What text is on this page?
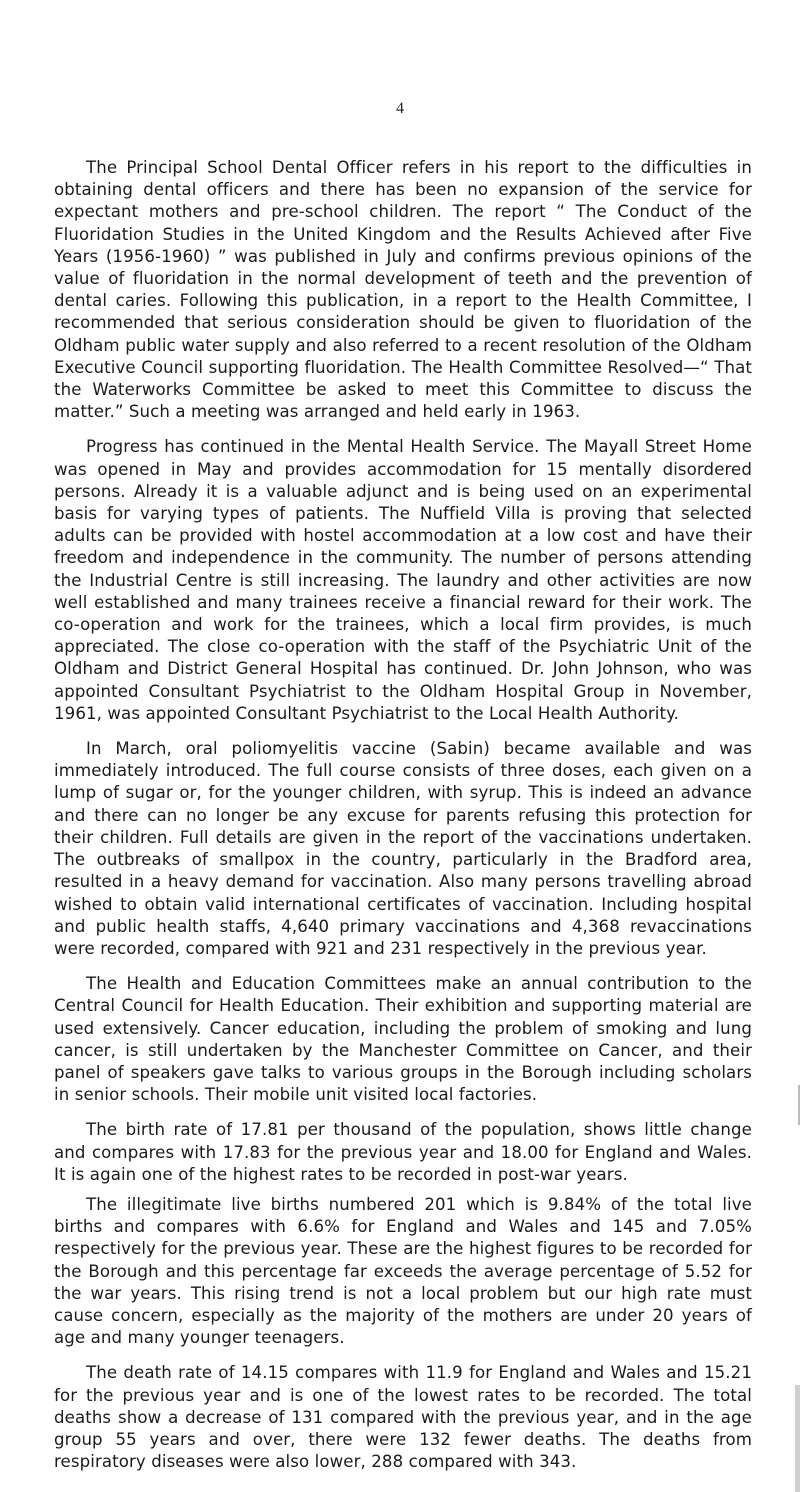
4

The Principal School Dental Officer refers in his report to the difficulties in obtaining dental officers and there has been no expansion of the service for expectant mothers and pre-school children. The report “ The Conduct of the Fluoridation Studies in the United Kingdom and the Results Achieved after Five Years (1956-1960) ” was published in July and confirms previous opinions of the value of fluoridation in the normal development of teeth and the prevention of dental caries. Following this publication, in a report to the Health Committee, I recommended that serious consideration should be given to fluoridation of the Oldham public water supply and also referred to a recent resolution of the Oldham Executive Council supporting fluoridation. The Health Committee Resolved—“ That the Waterworks Committee be asked to meet this Committee to discuss the matter.” Such a meeting was arranged and held early in 1963.

Progress has continued in the Mental Health Service. The Mayall Street Home was opened in May and provides accommodation for 15 mentally disordered persons. Already it is a valuable adjunct and is being used on an experimental basis for varying types of patients. The Nuffield Villa is proving that selected adults can be provided with hostel accommodation at a low cost and have their freedom and independence in the community. The number of persons attending the Industrial Centre is still increasing. The laundry and other activities are now well established and many trainees receive a financial reward for their work. The co-operation and work for the trainees, which a local firm provides, is much appreciated. The close co-operation with the staff of the Psychiatric Unit of the Oldham and District General Hospital has continued. Dr. John Johnson, who was appointed Consultant Psychiatrist to the Oldham Hospital Group in November, 1961, was appointed Consultant Psychiatrist to the Local Health Authority.

In March, oral poliomyelitis vaccine (Sabin) became available and was immediately introduced. The full course consists of three doses, each given on a lump of sugar or, for the younger children, with syrup. This is indeed an advance and there can no longer be any excuse for parents refusing this protection for their children. Full details are given in the report of the vaccinations undertaken. The outbreaks of smallpox in the country, particularly in the Bradford area, resulted in a heavy demand for vaccination. Also many persons travelling abroad wished to obtain valid international certificates of vaccination. Including hospital and public health staffs, 4,640 primary vaccinations and 4,368 revaccinations were recorded, compared with 921 and 231 respectively in the previous year.

The Health and Education Committees make an annual contribution to the Central Council for Health Education. Their exhibition and supporting material are used extensively. Cancer education, including the problem of smoking and lung cancer, is still undertaken by the Manchester Committee on Cancer, and their panel of speakers gave talks to various groups in the Borough including scholars in senior schools. Their mobile unit visited local factories.

The birth rate of 17.81 per thousand of the population, shows little change and compares with 17.83 for the previous year and 18.00 for England and Wales. It is again one of the highest rates to be recorded in post-war years.

The illegitimate live births numbered 201 which is 9.84% of the total live births and compares with 6.6% for England and Wales and 145 and 7.05% respectively for the previous year. These are the highest figures to be recorded for the Borough and this percentage far exceeds the average percentage of 5.52 for the war years. This rising trend is not a local problem but our high rate must cause concern, especially as the majority of the mothers are under 20 years of age and many younger teenagers.

The death rate of 14.15 compares with 11.9 for England and Wales and 15.21 for the previous year and is one of the lowest rates to be recorded. The total deaths show a decrease of 131 compared with the previous year, and in the age group 55 years and over, there were 132 fewer deaths. The deaths from respiratory diseases were also lower, 288 compared with 343.
